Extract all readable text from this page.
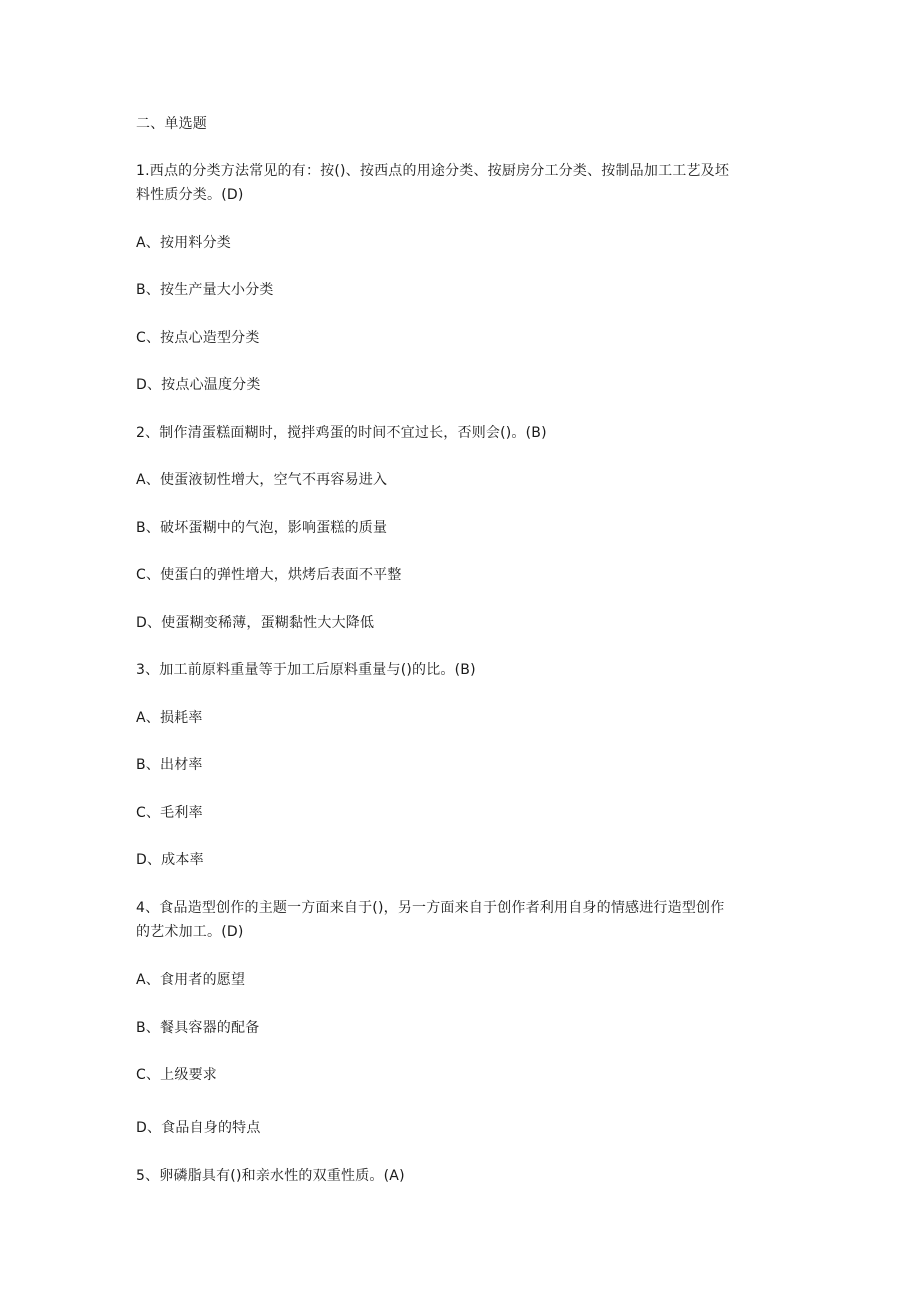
二、单选题
1.西点的分类方法常见的有：按()、按西点的用途分类、按厨房分工分类、按制品加工工艺及坯
料性质分类。(D)
A、按用料分类
B、按生产量大小分类
C、按点心造型分类
D、按点心温度分类
2、制作清蛋糕面糊时，搅拌鸡蛋的时间不宜过长，否则会()。(B)
A、使蛋液韧性增大，空气不再容易进入
B、破坏蛋糊中的气泡，影响蛋糕的质量
C、使蛋白的弹性增大，烘烤后表面不平整
D、使蛋糊变稀薄，蛋糊黏性大大降低
3、加工前原料重量等于加工后原料重量与()的比。(B)
A、损耗率
B、出材率
C、毛利率
D、成本率
4、食品造型创作的主题一方面来自于()，另一方面来自于创作者利用自身的情感进行造型创作
的艺术加工。(D)
A、食用者的愿望
B、餐具容器的配备
C、上级要求
D、食品自身的特点
5、卵磷脂具有()和亲水性的双重性质。(A)
